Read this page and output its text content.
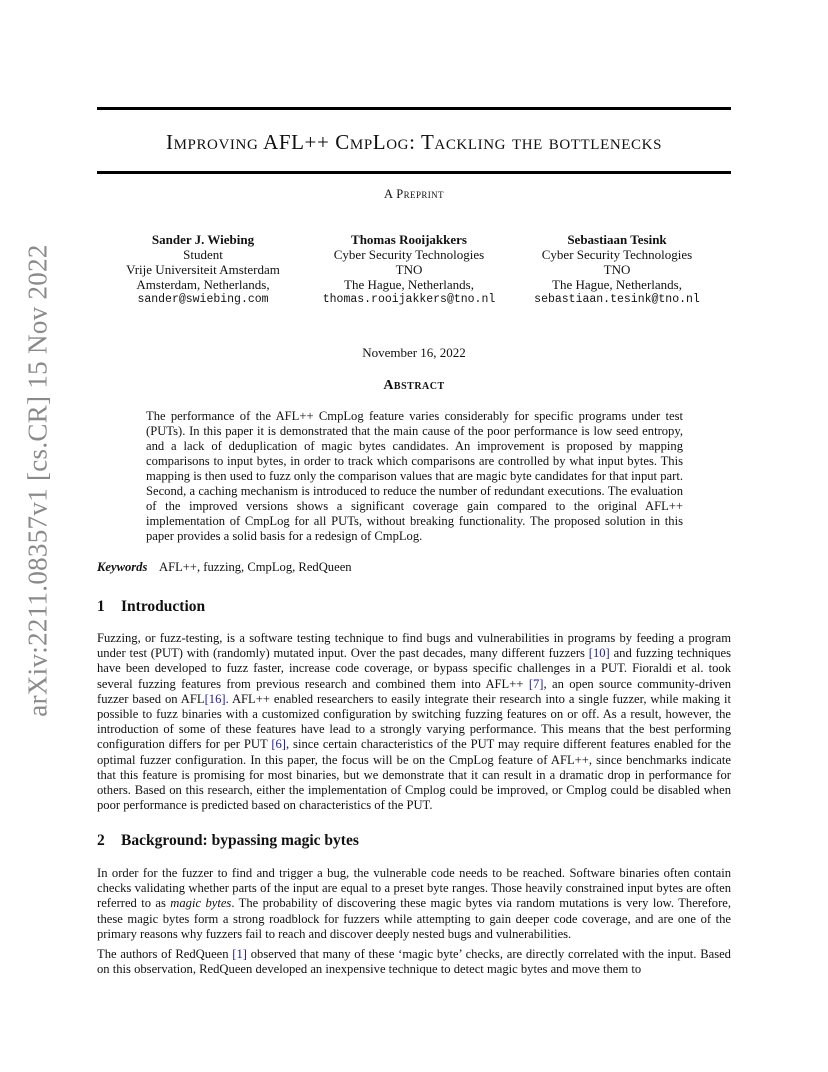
arXiv:2211.08357v1 [cs.CR] 15 Nov 2022
Improving AFL++ CmpLog: Tackling the bottlenecks
A Preprint
Sander J. Wiebing
Student
Vrije Universiteit Amsterdam
Amsterdam, Netherlands,
sander@swiebing.com
Thomas Rooijakkers
Cyber Security Technologies
TNO
The Hague, Netherlands,
thomas.rooijakkers@tno.nl
Sebastiaan Tesink
Cyber Security Technologies
TNO
The Hague, Netherlands,
sebastiaan.tesink@tno.nl
November 16, 2022
Abstract
The performance of the AFL++ CmpLog feature varies considerably for specific programs under test (PUTs). In this paper it is demonstrated that the main cause of the poor performance is low seed entropy, and a lack of deduplication of magic bytes candidates. An improvement is proposed by mapping comparisons to input bytes, in order to track which comparisons are controlled by what input bytes. This mapping is then used to fuzz only the comparison values that are magic byte candidates for that input part. Second, a caching mechanism is introduced to reduce the number of redundant executions. The evaluation of the improved versions shows a significant coverage gain compared to the original AFL++ implementation of CmpLog for all PUTs, without breaking functionality. The proposed solution in this paper provides a solid basis for a redesign of CmpLog.
Keywords AFL++, fuzzing, CmpLog, RedQueen
1 Introduction
Fuzzing, or fuzz-testing, is a software testing technique to find bugs and vulnerabilities in programs by feeding a program under test (PUT) with (randomly) mutated input. Over the past decades, many different fuzzers [10] and fuzzing techniques have been developed to fuzz faster, increase code coverage, or bypass specific challenges in a PUT. Fioraldi et al. took several fuzzing features from previous research and combined them into AFL++ [7], an open source community-driven fuzzer based on AFL[16]. AFL++ enabled researchers to easily integrate their research into a single fuzzer, while making it possible to fuzz binaries with a customized configuration by switching fuzzing features on or off. As a result, however, the introduction of some of these features have lead to a strongly varying performance. This means that the best performing configuration differs for per PUT [6], since certain characteristics of the PUT may require different features enabled for the optimal fuzzer configuration. In this paper, the focus will be on the CmpLog feature of AFL++, since benchmarks indicate that this feature is promising for most binaries, but we demonstrate that it can result in a dramatic drop in performance for others. Based on this research, either the implementation of Cmplog could be improved, or Cmplog could be disabled when poor performance is predicted based on characteristics of the PUT.
2 Background: bypassing magic bytes
In order for the fuzzer to find and trigger a bug, the vulnerable code needs to be reached. Software binaries often contain checks validating whether parts of the input are equal to a preset byte ranges. Those heavily constrained input bytes are often referred to as magic bytes. The probability of discovering these magic bytes via random mutations is very low. Therefore, these magic bytes form a strong roadblock for fuzzers while attempting to gain deeper code coverage, and are one of the primary reasons why fuzzers fail to reach and discover deeply nested bugs and vulnerabilities.
The authors of RedQueen [1] observed that many of these ‘magic byte’ checks, are directly correlated with the input. Based on this observation, RedQueen developed an inexpensive technique to detect magic bytes and move them to
